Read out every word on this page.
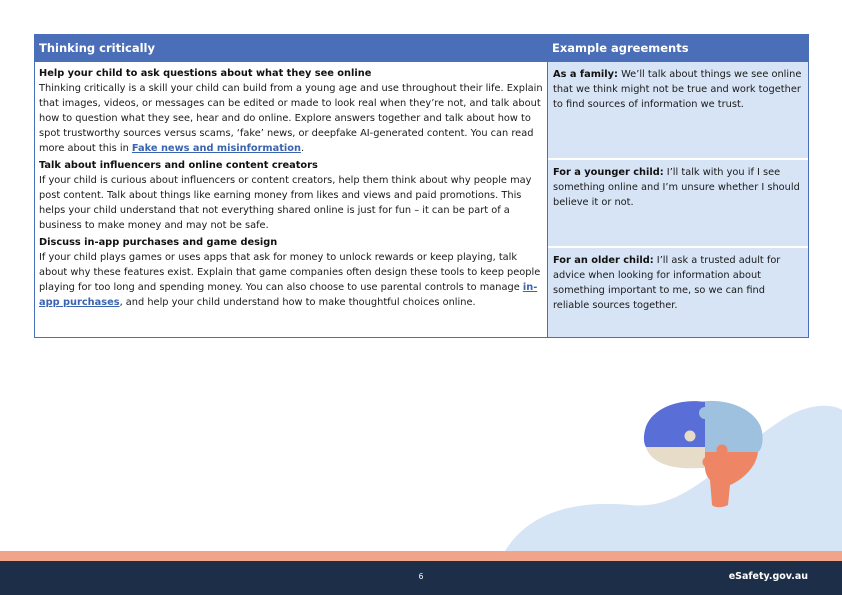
Thinking critically	Example agreements
Help your child to ask questions about what they see online
Thinking critically is a skill your child can build from a young age and use throughout their life. Explain that images, videos, or messages can be edited or made to look real when they’re not, and talk about how to question what they see, hear and do online. Explore answers together and talk about how to spot trustworthy sources versus scams, ‘fake’ news, or deepfake AI-generated content. You can read more about this in Fake news and misinformation.
Talk about influencers and online content creators
If your child is curious about influencers or content creators, help them think about why people may post content. Talk about things like earning money from likes and views and paid promotions. This helps your child understand that not everything shared online is just for fun – it can be part of a business to make money and may not be safe.
Discuss in-app purchases and game design
If your child plays games or uses apps that ask for money to unlock rewards or keep playing, talk about why these features exist. Explain that game companies often design these tools to keep people playing for too long and spending money. You can also choose to use parental controls to manage in-app purchases, and help your child understand how to make thoughtful choices online.
As a family: We’ll talk about things we see online that we think might not be true and work together to find sources of information we trust.
For a younger child: I’ll talk with you if I see something online and I’m unsure whether I should believe it or not.
For an older child: I’ll ask a trusted adult for advice when looking for information about something important to me, so we can find reliable sources together.
6	eSafety.gov.au
